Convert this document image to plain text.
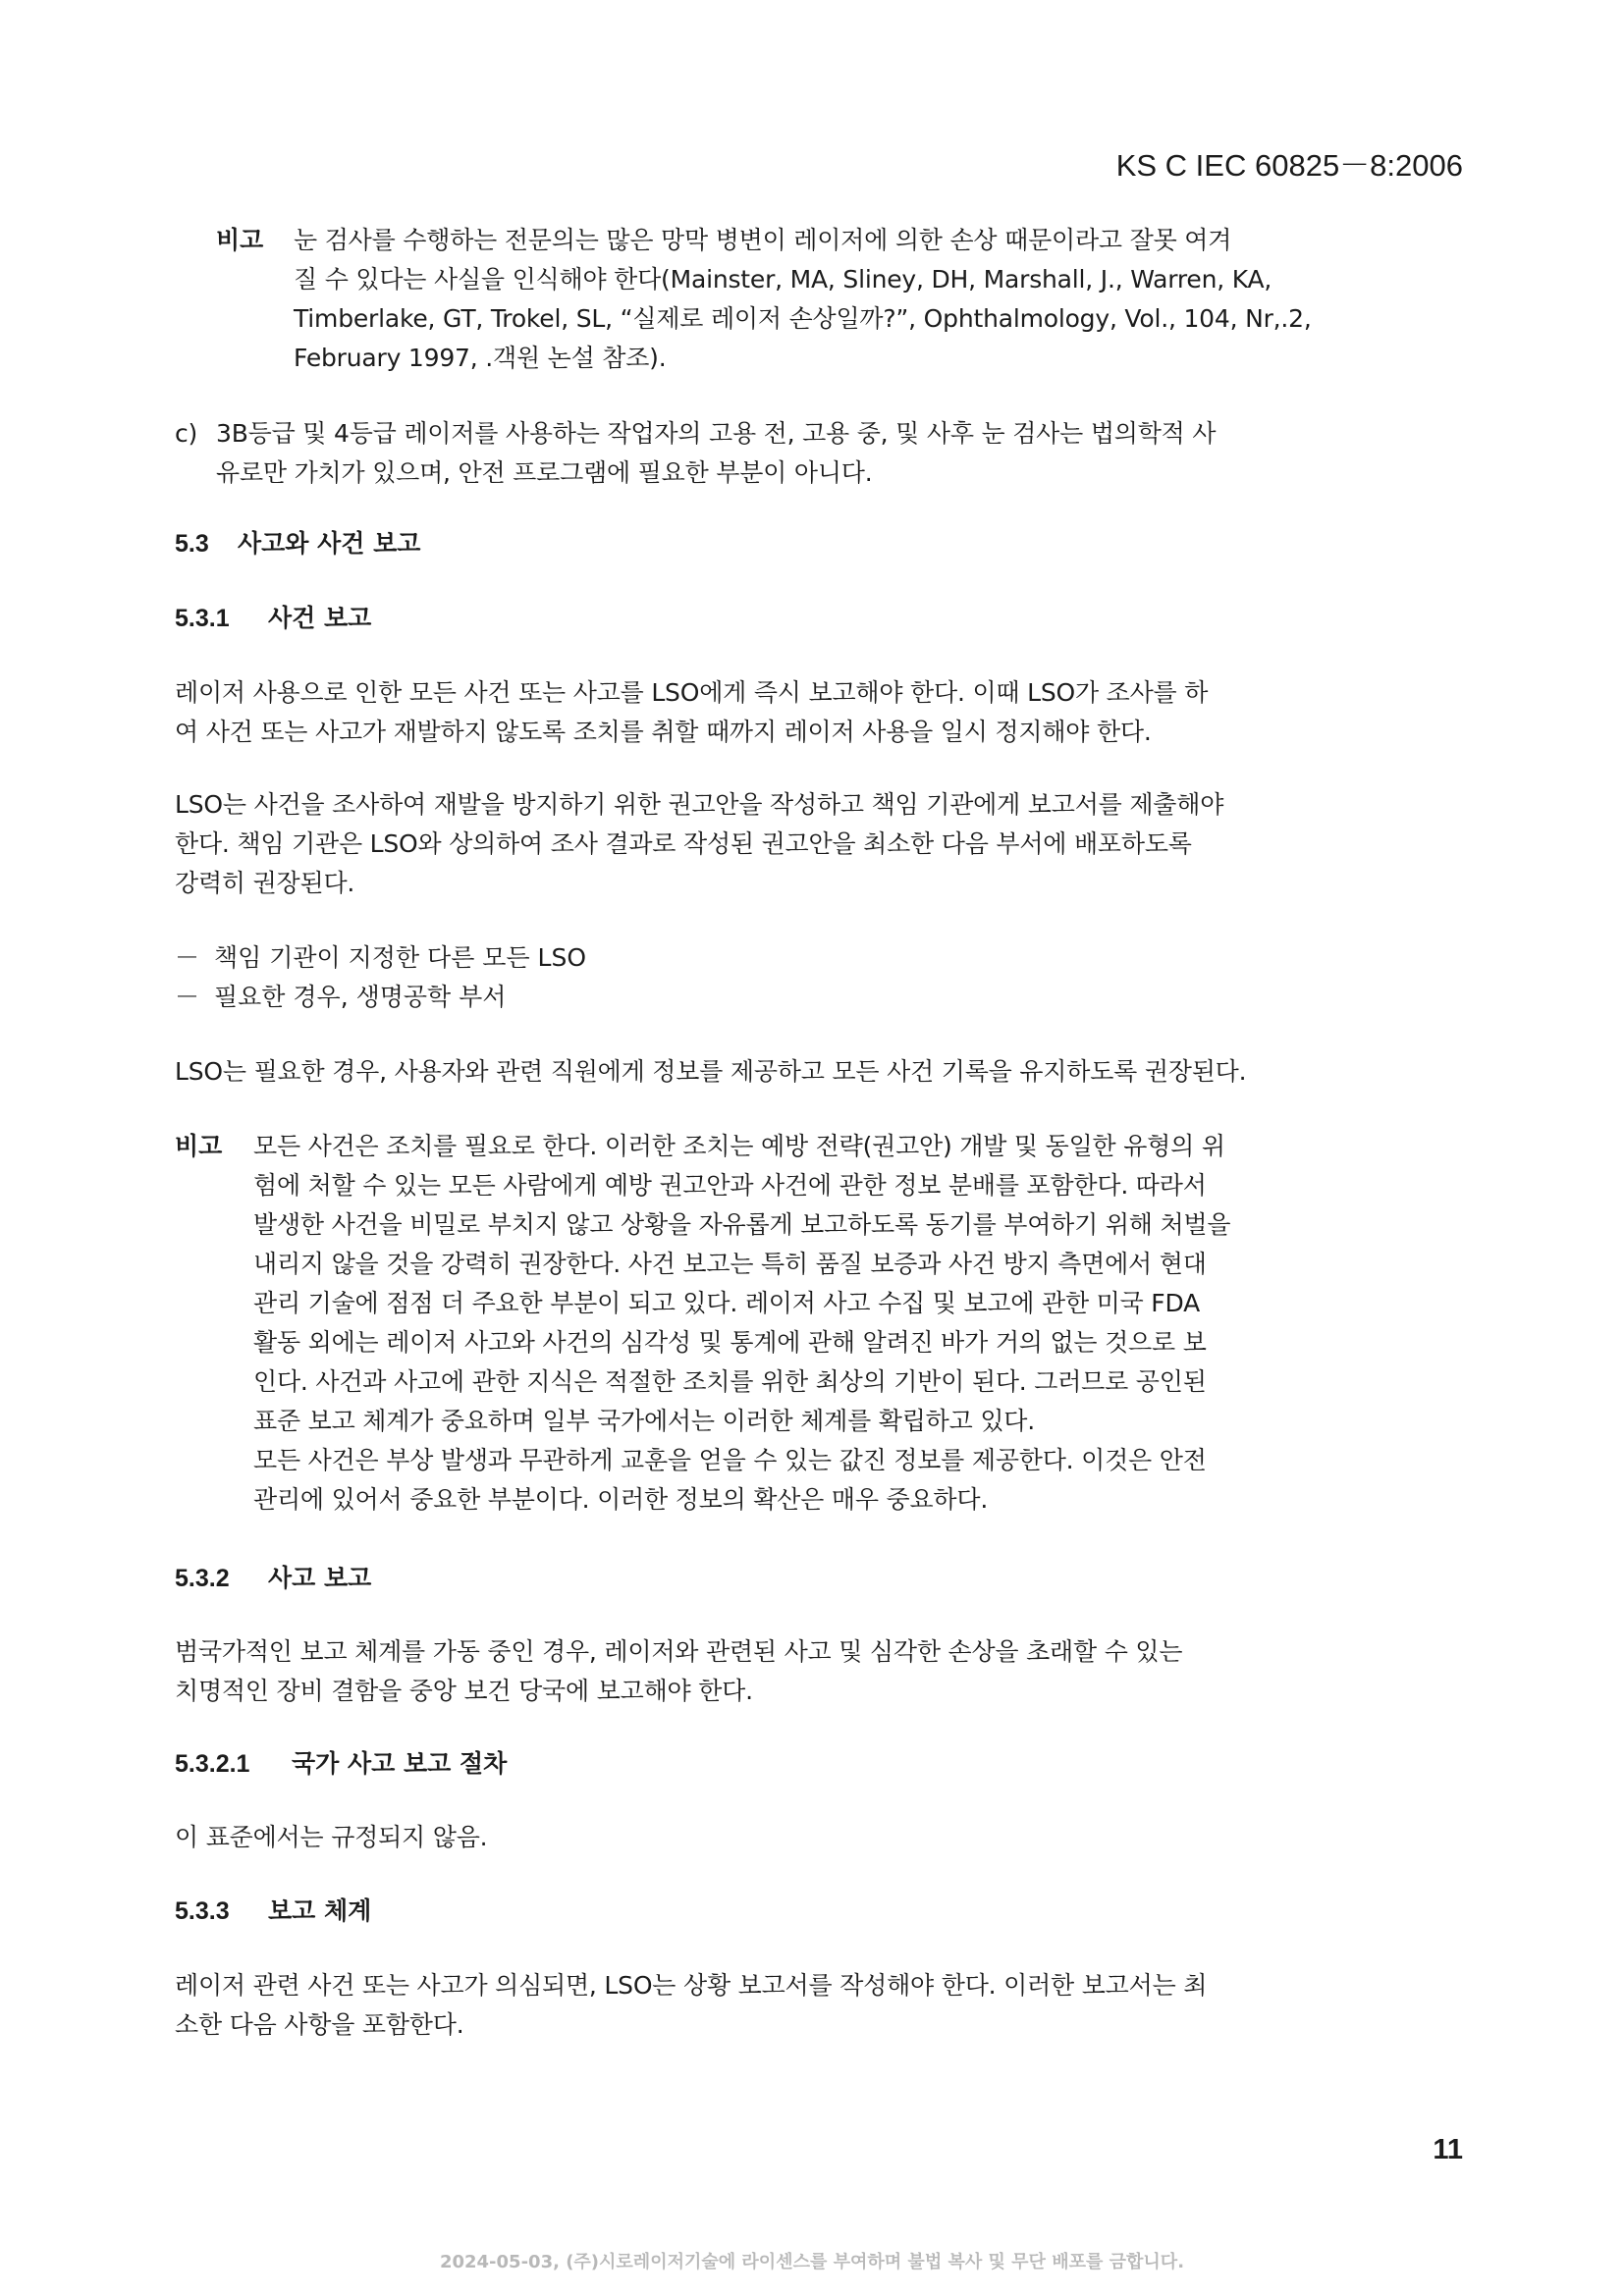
KS C IEC 60825－8:2006
비고 눈 검사를 수행하는 전문의는 많은 망막 병변이 레이저에 의한 손상 때문이라고 잘못 여겨
질 수 있다는 사실을 인식해야 한다(Mainster, MA, Sliney, DH, Marshall, J., Warren, KA,
Timberlake, GT, Trokel, SL, “실제로 레이저 손상일까?”, Ophthalmology, Vol., 104, Nr,.2,
February 1997, .객원 논설 참조).
c) 3B등급 및 4등급 레이저를 사용하는 작업자의 고용 전, 고용 중, 및 사후 눈 검사는 법의학적 사
유로만 가치가 있으며, 안전 프로그램에 필요한 부분이 아니다.
5.3 사고와 사건 보고
5.3.1 사건 보고
레이저 사용으로 인한 모든 사건 또는 사고를 LSO에게 즉시 보고해야 한다. 이때 LSO가 조사를 하
여 사건 또는 사고가 재발하지 않도록 조치를 취할 때까지 레이저 사용을 일시 정지해야 한다.
LSO는 사건을 조사하여 재발을 방지하기 위한 권고안을 작성하고 책임 기관에게 보고서를 제출해야
한다. 책임 기관은 LSO와 상의하여 조사 결과로 작성된 권고안을 최소한 다음 부서에 배포하도록
강력히 권장된다.
－ 책임 기관이 지정한 다른 모든 LSO
－ 필요한 경우, 생명공학 부서
LSO는 필요한 경우, 사용자와 관련 직원에게 정보를 제공하고 모든 사건 기록을 유지하도록 권장된다.
비고 모든 사건은 조치를 필요로 한다. 이러한 조치는 예방 전략(권고안) 개발 및 동일한 유형의 위
험에 처할 수 있는 모든 사람에게 예방 권고안과 사건에 관한 정보 분배를 포함한다. 따라서
발생한 사건을 비밀로 부치지 않고 상황을 자유롭게 보고하도록 동기를 부여하기 위해 처벌을
내리지 않을 것을 강력히 권장한다. 사건 보고는 특히 품질 보증과 사건 방지 측면에서 현대
관리 기술에 점점 더 주요한 부분이 되고 있다. 레이저 사고 수집 및 보고에 관한 미국 FDA
활동 외에는 레이저 사고와 사건의 심각성 및 통계에 관해 알려진 바가 거의 없는 것으로 보
인다. 사건과 사고에 관한 지식은 적절한 조치를 위한 최상의 기반이 된다. 그러므로 공인된
표준 보고 체계가 중요하며 일부 국가에서는 이러한 체계를 확립하고 있다.
모든 사건은 부상 발생과 무관하게 교훈을 얻을 수 있는 값진 정보를 제공한다. 이것은 안전
관리에 있어서 중요한 부분이다. 이러한 정보의 확산은 매우 중요하다.
5.3.2 사고 보고
범국가적인 보고 체계를 가동 중인 경우, 레이저와 관련된 사고 및 심각한 손상을 초래할 수 있는
치명적인 장비 결함을 중앙 보건 당국에 보고해야 한다.
5.3.2.1 국가 사고 보고 절차
이 표준에서는 규정되지 않음.
5.3.3 보고 체계
레이저 관련 사건 또는 사고가 의심되면, LSO는 상황 보고서를 작성해야 한다. 이러한 보고서는 최
소한 다음 사항을 포함한다.
11
2024-05-03, (주)시로레이저기술에 라이센스를 부여하며 불법 복사 및 무단 배포를 금합니다.
